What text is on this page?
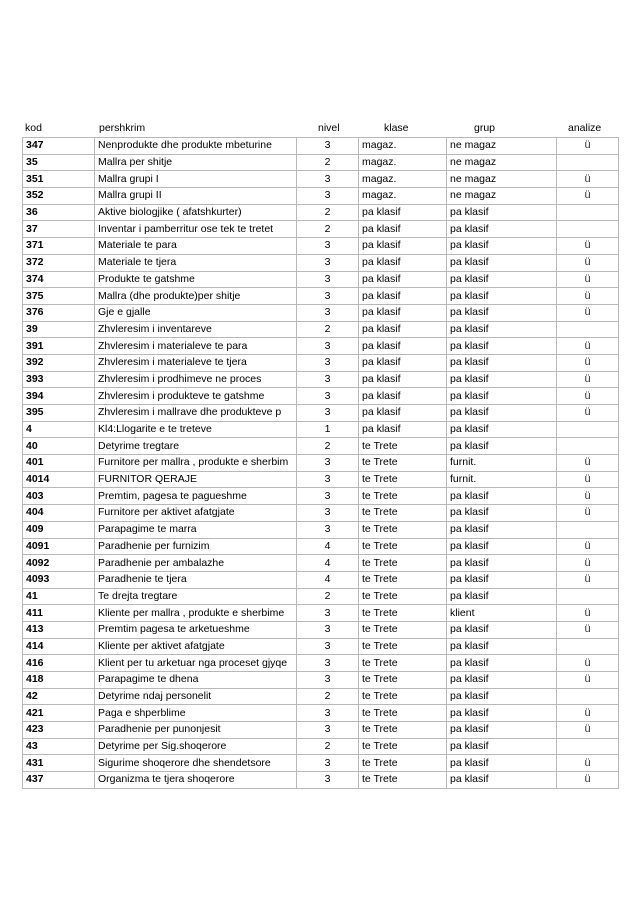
kod	pershkrim	nivel	klase	grup	analize
347	Nenprodukte dhe produkte mbeturine	3	magaz.	ne magaz	ü
35	Mallra per shitje	2	magaz.	ne magaz	
351	Mallra grupi I	3	magaz.	ne magaz	ü
352	Mallra grupi II	3	magaz.	ne magaz	ü
36	Aktive biologjike ( afatshkurter)	2	pa klasif	pa klasif	
37	Inventar i pamberritur ose tek te tretet	2	pa klasif	pa klasif	
371	Materiale te para	3	pa klasif	pa klasif	ü
372	Materiale te tjera	3	pa klasif	pa klasif	ü
374	Produkte te gatshme	3	pa klasif	pa klasif	ü
375	Mallra (dhe produkte)per shitje	3	pa klasif	pa klasif	ü
376	Gje e gjalle	3	pa klasif	pa klasif	ü
39	Zhvleresim i inventareve	2	pa klasif	pa klasif	
391	Zhvleresim i materialeve te para	3	pa klasif	pa klasif	ü
392	Zhvleresim i materialeve te tjera	3	pa klasif	pa klasif	ü
393	Zhvleresim i prodhimeve ne proces	3	pa klasif	pa klasif	ü
394	Zhvleresim i produkteve te gatshme	3	pa klasif	pa klasif	ü
395	Zhvleresim i mallrave dhe produkteve p	3	pa klasif	pa klasif	ü
4	Kl4:Llogarite e te treteve	1	pa klasif	pa klasif	
40	Detyrime tregtare	2	te Trete	pa klasif	
401	Furnitore per mallra , produkte e sherbim	3	te Trete	furnit.	ü
4014	FURNITOR QERAJE	3	te Trete	furnit.	ü
403	Premtim, pagesa te pagueshme	3	te Trete	pa klasif	ü
404	Furnitore per aktivet afatgjate	3	te Trete	pa klasif	ü
409	Parapagime te marra	3	te Trete	pa klasif	
4091	Paradhenie per furnizim	4	te Trete	pa klasif	ü
4092	Paradhenie per ambalazhe	4	te Trete	pa klasif	ü
4093	Paradhenie te tjera	4	te Trete	pa klasif	ü
41	Te drejta tregtare	2	te Trete	pa klasif	
411	Kliente per mallra , produkte e sherbime	3	te Trete	klient	ü
413	Premtim pagesa te arketueshme	3	te Trete	pa klasif	ü
414	Kliente per aktivet afatgjate	3	te Trete	pa klasif	
416	Klient per tu arketuar nga proceset gjyqe	3	te Trete	pa klasif	ü
418	Parapagime te dhena	3	te Trete	pa klasif	ü
42	Detyrime ndaj personelit	2	te Trete	pa klasif	
421	Paga e shperblime	3	te Trete	pa klasif	ü
423	Paradhenie per punonjesit	3	te Trete	pa klasif	ü
43	Detyrime per Sig.shoqerore	2	te Trete	pa klasif	
431	Sigurime shoqerore dhe shendetsore	3	te Trete	pa klasif	ü
437	Organizma te tjera shoqerore	3	te Trete	pa klasif	ü
